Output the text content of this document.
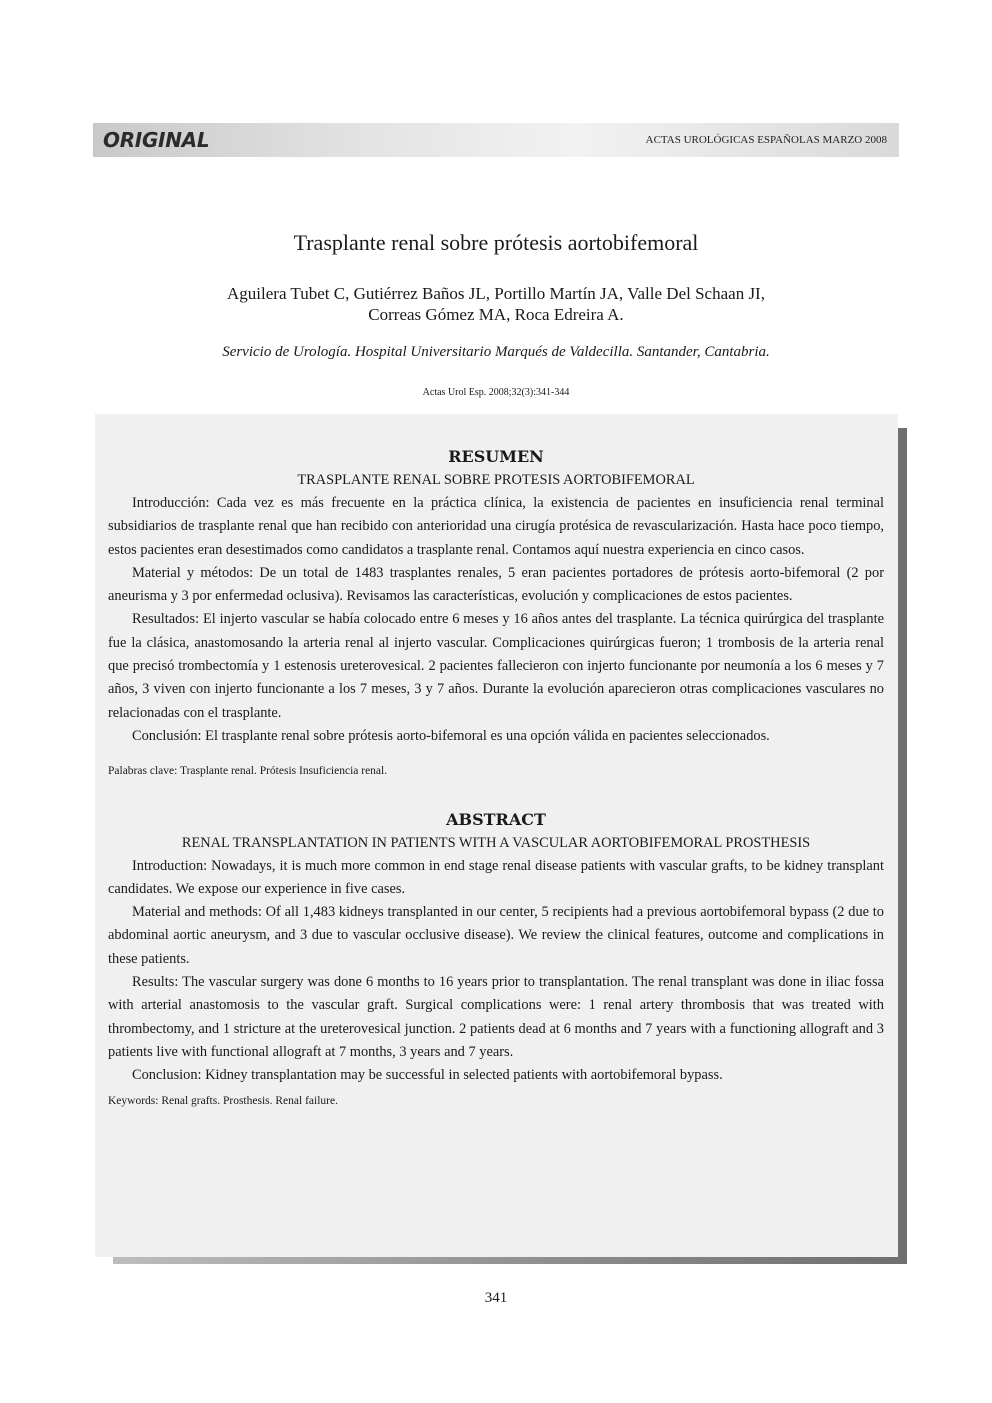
ORIGINAL	ACTAS UROLÓGICAS ESPAÑOLAS MARZO 2008
Trasplante renal sobre prótesis aortobifemoral
Aguilera Tubet C, Gutiérrez Baños JL, Portillo Martín JA, Valle Del Schaan JI,
Correas Gómez MA, Roca Edreira A.
Servicio de Urología. Hospital Universitario Marqués de Valdecilla. Santander, Cantabria.
Actas Urol Esp. 2008;32(3):341-344
RESUMEN
TRASPLANTE RENAL SOBRE PROTESIS AORTOBIFEMORAL

Introducción: Cada vez es más frecuente en la práctica clínica, la existencia de pacientes en insuficiencia renal terminal subsidiarios de trasplante renal que han recibido con anterioridad una cirugía protésica de revascularización. Hasta hace poco tiempo, estos pacientes eran desestimados como candidatos a trasplante renal. Contamos aquí nuestra experiencia en cinco casos.

Material y métodos: De un total de 1483 trasplantes renales, 5 eran pacientes portadores de prótesis aorto-bifemoral (2 por aneurisma y 3 por enfermedad oclusiva). Revisamos las características, evolución y complicaciones de estos pacientes.

Resultados: El injerto vascular se había colocado entre 6 meses y 16 años antes del trasplante. La técnica quirúrgica del trasplante fue la clásica, anastomosando la arteria renal al injerto vascular. Complicaciones quirúrgicas fueron; 1 trombosis de la arteria renal que precisó trombectomía y 1 estenosis ureterovesical. 2 pacientes fallecieron con injerto funcionante por neumonía a los 6 meses y 7 años, 3 viven con injerto funcionante a los 7 meses, 3 y 7 años. Durante la evolución aparecieron otras complicaciones vasculares no relacionadas con el trasplante.

Conclusión: El trasplante renal sobre prótesis aorto-bifemoral es una opción válida en pacientes seleccionados.

Palabras clave: Trasplante renal. Prótesis Insuficiencia renal.
ABSTRACT
RENAL TRANSPLANTATION IN PATIENTS WITH A VASCULAR AORTOBIFEMORAL PROSTHESIS

Introduction: Nowadays, it is much more common in end stage renal disease patients with vascular grafts, to be kidney transplant candidates. We expose our experience in five cases.

Material and methods: Of all 1,483 kidneys transplanted in our center, 5 recipients had a previous aortobifemoral bypass (2 due to abdominal aortic aneurysm, and 3 due to vascular occlusive disease). We review the clinical features, outcome and complications in these patients.

Results: The vascular surgery was done 6 months to 16 years prior to transplantation. The renal transplant was done in iliac fossa with arterial anastomosis to the vascular graft. Surgical complications were: 1 renal artery thrombosis that was treated with thrombectomy, and 1 stricture at the ureterovesical junction. 2 patients dead at 6 months and 7 years with a functioning allograft and 3 patients live with functional allograft at 7 months, 3 years and 7 years.

Conclusion: Kidney transplantation may be successful in selected patients with aortobifemoral bypass.

Keywords: Renal grafts. Prosthesis. Renal failure.
341
